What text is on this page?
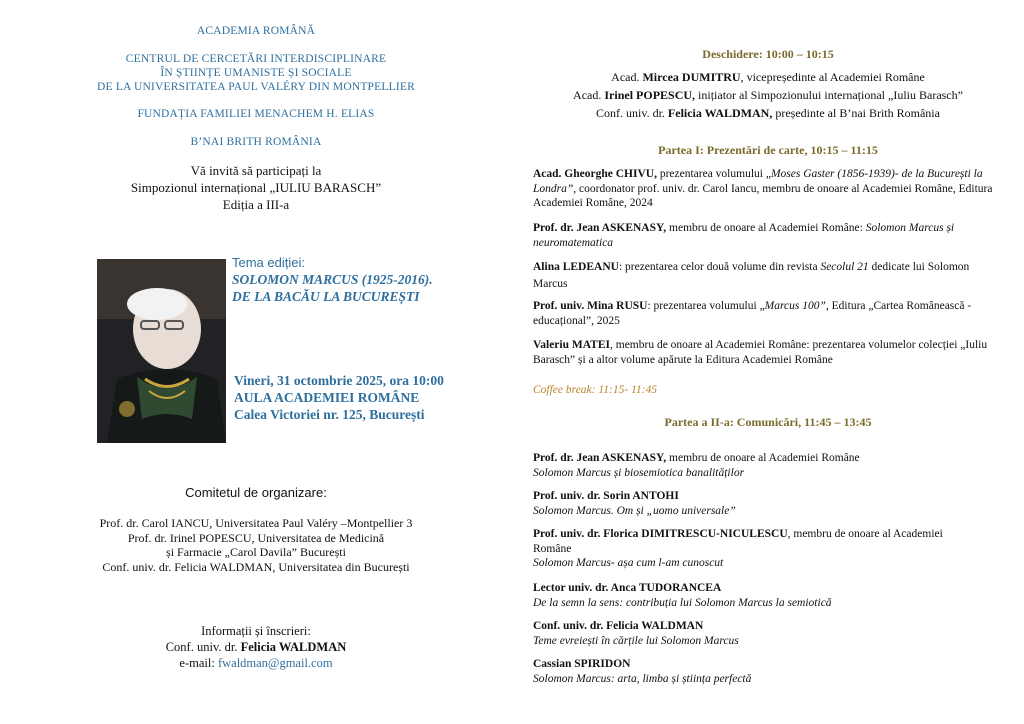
ACADEMIA ROMÂNĂ
CENTRUL DE CERCETĂRI INTERDISCIPLINARE
ÎN ȘTIINȚE UMANISTE ȘI SOCIALE
DE LA UNIVERSITATEA PAUL VALÉRY DIN MONTPELLIER
FUNDAȚIA FAMILIEI MENACHEM H. ELIAS
B’NAI BRITH ROMÂNIA
Vă invită să participați la
Simpozionul internațional „IULIU BARASCH”
Ediția a III-a
Tema ediției:
SOLOMON MARCUS (1925-2016).
DE LA BACĂU LA BUCUREȘTI
Vineri, 31 octombrie 2025, ora 10:00
AULA ACADEMIEI ROMÂNE
Calea Victoriei nr. 125, București
Comitetul de organizare:
Prof. dr. Carol IANCU, Universitatea Paul Valéry –Montpellier 3
Prof. dr. Irinel POPESCU, Universitatea de Medicină
și Farmacie „Carol Davila” București
Conf. univ. dr. Felicia WALDMAN, Universitatea din București
Informații și înscrieri:
Conf. univ. dr. Felicia WALDMAN
e-mail: fwaldman@gmail.com
Deschidere: 10:00 – 10:15
Acad. Mircea DUMITRU, vicepreședinte al Academiei Române
Acad. Irinel POPESCU, inițiator al Simpozionului internațional „Iuliu Barasch”
Conf. univ. dr. Felicia WALDMAN, președinte al B’nai Brith România
Partea I: Prezentări de carte, 10:15 – 11:15
Acad. Gheorghe CHIVU, prezentarea volumului „Moses Gaster (1856-1939)- de la București la Londra”, coordonator prof. univ. dr. Carol Iancu, membru de onoare al Academiei Române, Editura Academiei Române, 2024
Prof. dr. Jean ASKENASY, membru de onoare al Academiei Române: Solomon Marcus și neuromatematica
Alina LEDEANU: prezentarea celor două volume din revista Secolul 21 dedicate lui Solomon Marcus
Prof. univ. Mina RUSU: prezentarea volumului „Marcus 100”, Editura „Cartea Românească - educațional”, 2025
Valeriu MATEI, membru de onoare al Academiei Române: prezentarea volumelor colecției „Iuliu Barasch” și a altor volume apărute la Editura Academiei Române
Coffee break: 11:15- 11:45
Partea a II-a: Comunicări, 11:45 – 13:45
Prof. dr. Jean ASKENASY, membru de onoare al Academiei Române
Solomon Marcus și biosemiotica banalităților
Prof. univ. dr. Sorin ANTOHI
Solomon Marcus. Om și „uomo universale”
Prof. univ. dr. Florica DIMITRESCU-NICULESCU, membru de onoare al Academiei Române
Solomon Marcus- așa cum l-am cunoscut
Lector univ. dr. Anca TUDORANCEA
De la semn la sens: contribuția lui Solomon Marcus la semiotică
Conf. univ. dr. Felicia WALDMAN
Teme evreiești în cărțile lui Solomon Marcus
Cassian SPIRIDON
Solomon Marcus: arta, limba și știința perfectă
